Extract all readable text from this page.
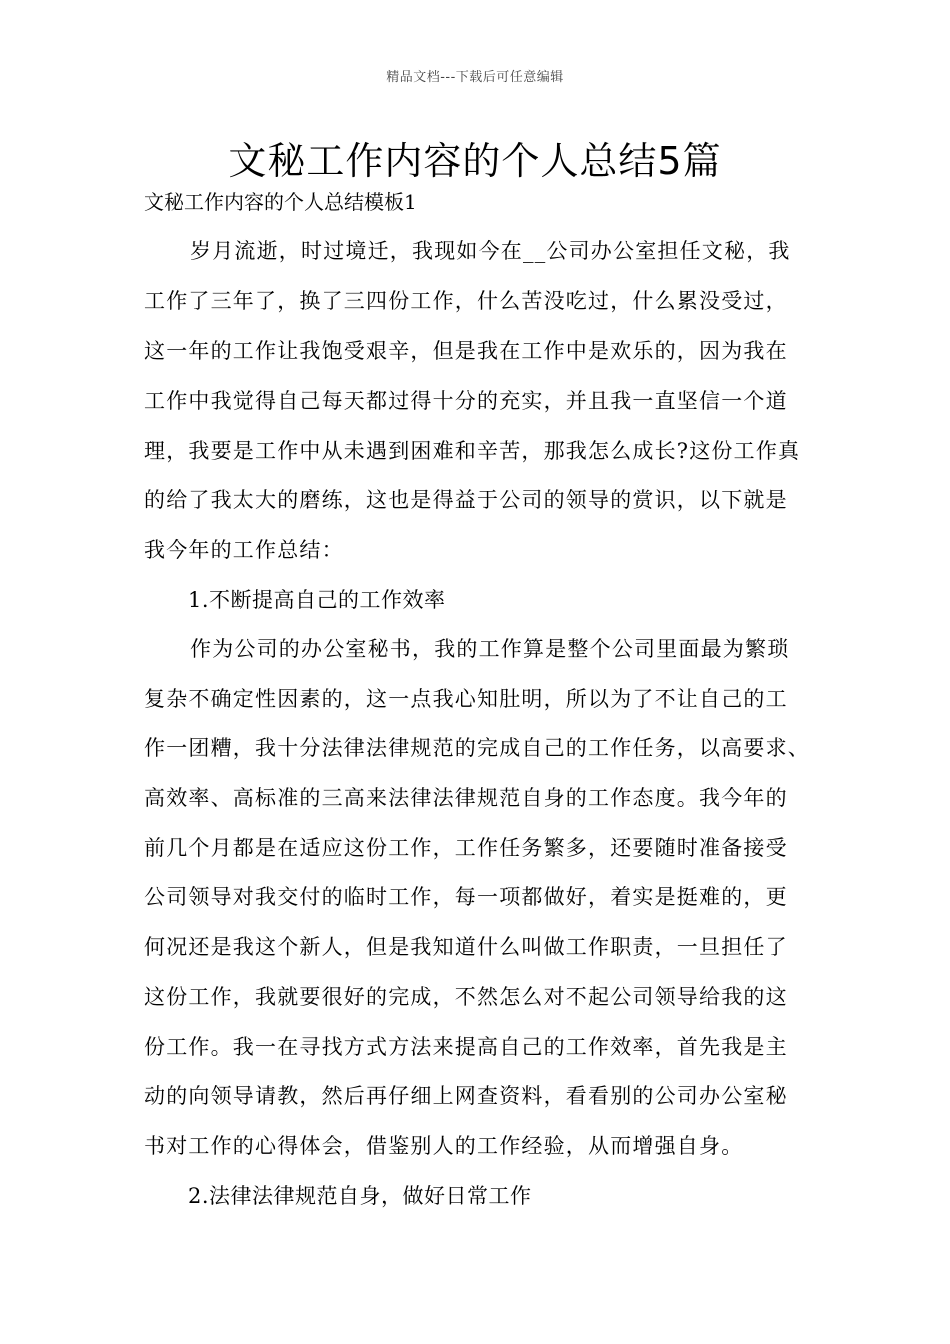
精品文档---下载后可任意编辑
文秘工作内容的个人总结5篇
文秘工作内容的个人总结模板1

岁月流逝，时过境迁，我现如今在__公司办公室担任文秘，我

工作了三年了，换了三四份工作，什么苦没吃过，什么累没受过，

这一年的工作让我饱受艰辛，但是我在工作中是欢乐的，因为我在

工作中我觉得自己每天都过得十分的充实，并且我一直坚信一个道

理，我要是工作中从未遇到困难和辛苦，那我怎么成长?这份工作真

的给了我太大的磨练，这也是得益于公司的领导的赏识，以下就是

我今年的工作总结：

1.不断提高自己的工作效率

作为公司的办公室秘书，我的工作算是整个公司里面最为繁琐

复杂不确定性因素的，这一点我心知肚明，所以为了不让自己的工

作一团糟，我十分法律法律规范的完成自己的工作任务，以高要求、

高效率、高标准的三高来法律法律规范自身的工作态度。我今年的

前几个月都是在适应这份工作，工作任务繁多，还要随时准备接受

公司领导对我交付的临时工作，每一项都做好，着实是挺难的，更

何况还是我这个新人，但是我知道什么叫做工作职责，一旦担任了

这份工作，我就要很好的完成，不然怎么对不起公司领导给我的这

份工作。我一在寻找方式方法来提高自己的工作效率，首先我是主

动的向领导请教，然后再仔细上网查资料，看看别的公司办公室秘

书对工作的心得体会，借鉴别人的工作经验，从而增强自身。

2.法律法律规范自身，做好日常工作
